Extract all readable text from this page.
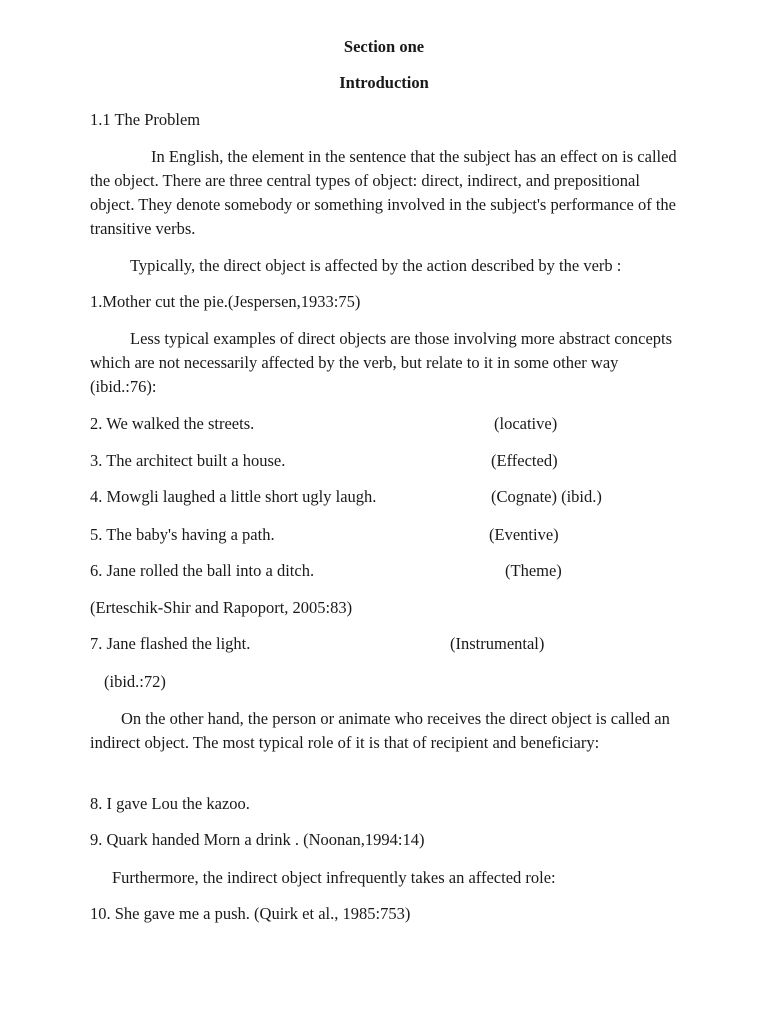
Section one
Introduction
1.1 The Problem
In English, the element in the sentence that the subject has an effect on is called the object. There are three central types of object: direct, indirect, and prepositional object. They denote somebody or something involved in the subject's performance of the transitive verbs.
Typically, the direct object is affected by the action described by the verb :
1.Mother cut the pie.(Jespersen,1933:75)
Less typical examples of direct objects are those involving more abstract concepts which are not necessarily affected by the verb, but relate to it in some other way (ibid.:76):
2. We walked the streets.	(locative)
3. The architect built a house.	(Effected)
4. Mowgli laughed a little short ugly laugh.	(Cognate) (ibid.)
5. The baby's having a path.	(Eventive)
6. Jane rolled the ball into a ditch.	(Theme)
(Erteschik-Shir and Rapoport, 2005:83)
7. Jane flashed the light.	(Instrumental)
(ibid.:72)
On the other hand, the person or animate who receives the direct object is called an indirect object. The most typical role of it is that of recipient and beneficiary:
8. I gave Lou the kazoo.
9. Quark handed Morn a drink . (Noonan,1994:14)
Furthermore, the indirect object infrequently takes an affected role:
10. She gave me a push. (Quirk et al., 1985:753)
